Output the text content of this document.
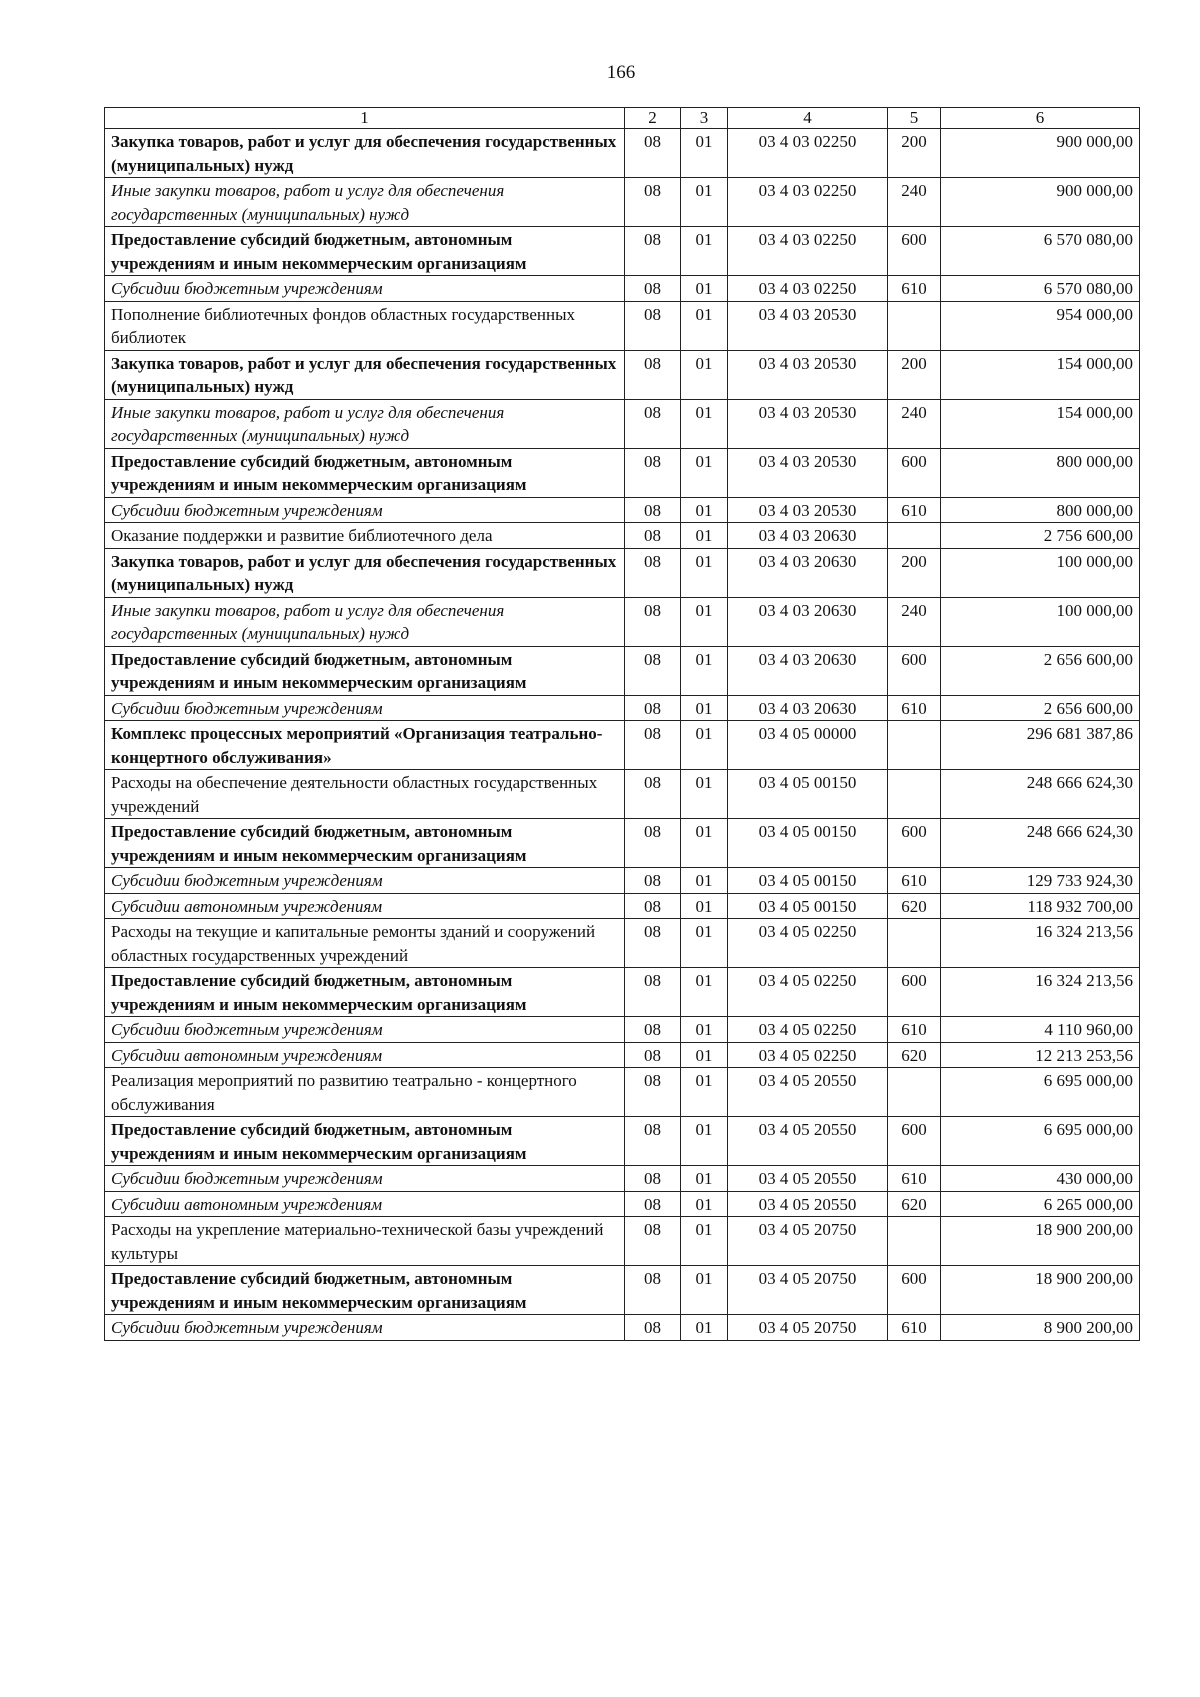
166
1	2	3	4	5	6
Закупка товаров, работ и услуг для обеспечения государственных (муниципальных) нужд	08	01	03 4 03 02250	200	900 000,00
Иные закупки товаров, работ и услуг для обеспечения государственных (муниципальных) нужд	08	01	03 4 03 02250	240	900 000,00
Предоставление субсидий бюджетным, автономным учреждениям и иным некоммерческим организациям	08	01	03 4 03 02250	600	6 570 080,00
Субсидии бюджетным учреждениям	08	01	03 4 03 02250	610	6 570 080,00
Пополнение библиотечных фондов областных государственных библиотек	08	01	03 4 03 20530		954 000,00
Закупка товаров, работ и услуг для обеспечения государственных (муниципальных) нужд	08	01	03 4 03 20530	200	154 000,00
Иные закупки товаров, работ и услуг для обеспечения государственных (муниципальных) нужд	08	01	03 4 03 20530	240	154 000,00
Предоставление субсидий бюджетным, автономным учреждениям и иным некоммерческим организациям	08	01	03 4 03 20530	600	800 000,00
Субсидии бюджетным учреждениям	08	01	03 4 03 20530	610	800 000,00
Оказание поддержки и развитие библиотечного дела	08	01	03 4 03 20630		2 756 600,00
Закупка товаров, работ и услуг для обеспечения государственных (муниципальных) нужд	08	01	03 4 03 20630	200	100 000,00
Иные закупки товаров, работ и услуг для обеспечения государственных (муниципальных) нужд	08	01	03 4 03 20630	240	100 000,00
Предоставление субсидий бюджетным, автономным учреждениям и иным некоммерческим организациям	08	01	03 4 03 20630	600	2 656 600,00
Субсидии бюджетным учреждениям	08	01	03 4 03 20630	610	2 656 600,00
Комплекс процессных мероприятий «Организация театрально-концертного обслуживания»	08	01	03 4 05 00000		296 681 387,86
Расходы на обеспечение деятельности областных государственных учреждений	08	01	03 4 05 00150		248 666 624,30
Предоставление субсидий бюджетным, автономным учреждениям и иным некоммерческим организациям	08	01	03 4 05 00150	600	248 666 624,30
Субсидии бюджетным учреждениям	08	01	03 4 05 00150	610	129 733 924,30
Субсидии автономным учреждениям	08	01	03 4 05 00150	620	118 932 700,00
Расходы на текущие и капитальные ремонты зданий и сооружений областных государственных учреждений	08	01	03 4 05 02250		16 324 213,56
Предоставление субсидий бюджетным, автономным учреждениям и иным некоммерческим организациям	08	01	03 4 05 02250	600	16 324 213,56
Субсидии бюджетным учреждениям	08	01	03 4 05 02250	610	4 110 960,00
Субсидии автономным учреждениям	08	01	03 4 05 02250	620	12 213 253,56
Реализация мероприятий по развитию театрально - концертного обслуживания	08	01	03 4 05 20550		6 695 000,00
Предоставление субсидий бюджетным, автономным учреждениям и иным некоммерческим организациям	08	01	03 4 05 20550	600	6 695 000,00
Субсидии бюджетным учреждениям	08	01	03 4 05 20550	610	430 000,00
Субсидии автономным учреждениям	08	01	03 4 05 20550	620	6 265 000,00
Расходы на укрепление материально-технической базы учреждений культуры	08	01	03 4 05 20750		18 900 200,00
Предоставление субсидий бюджетным, автономным учреждениям и иным некоммерческим организациям	08	01	03 4 05 20750	600	18 900 200,00
Субсидии бюджетным учреждениям	08	01	03 4 05 20750	610	8 900 200,00
